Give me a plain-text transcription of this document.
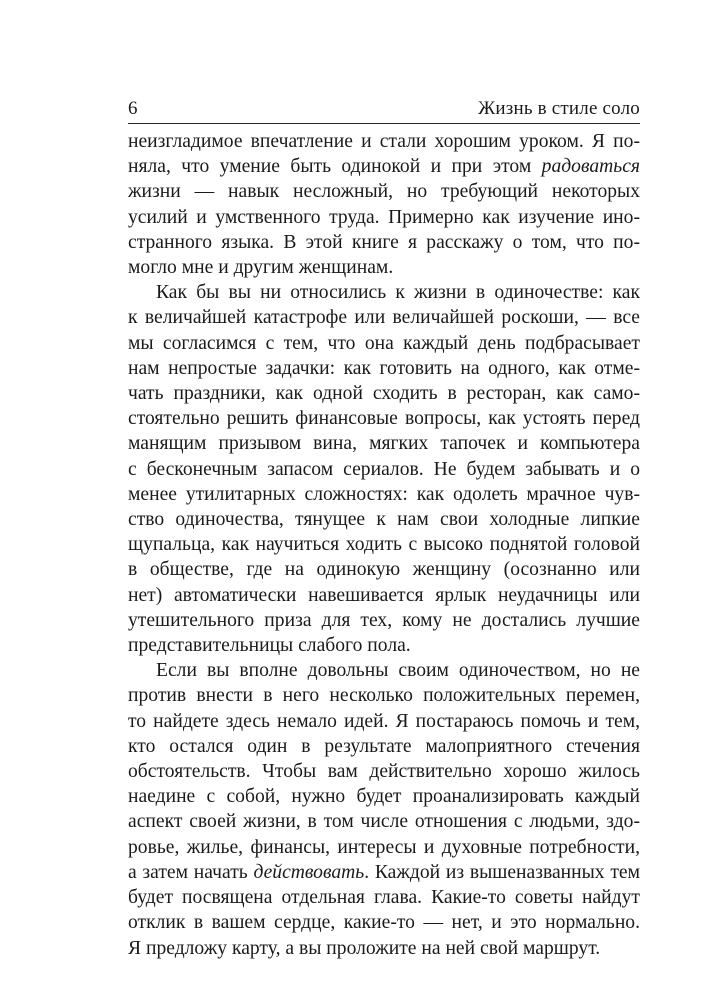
6	Жизнь в стиле соло
неизгладимое впечатление и стали хорошим уроком. Я по-
няла, что умение быть одинокой и при этом радоваться
жизни — навык несложный, но требующий некоторых
усилий и умственного труда. Примерно как изучение ино-
странного языка. В этой книге я расскажу о том, что по-
могло мне и другим женщинам.
Как бы вы ни относились к жизни в одиночестве: как
к величайшей катастрофе или величайшей роскоши, — все
мы согласимся с тем, что она каждый день подбрасывает
нам непростые задачки: как готовить на одного, как отме-
чать праздники, как одной сходить в ресторан, как само-
стоятельно решить финансовые вопросы, как устоять перед
манящим призывом вина, мягких тапочек и компьютера
с бесконечным запасом сериалов. Не будем забывать и о
менее утилитарных сложностях: как одолеть мрачное чув-
ство одиночества, тянущее к нам свои холодные липкие
щупальца, как научиться ходить с высоко поднятой головой
в обществе, где на одинокую женщину (осознанно или
нет) автоматически навешивается ярлык неудачницы или
утешительного приза для тех, кому не достались лучшие
представительницы слабого пола.
Если вы вполне довольны своим одиночеством, но не
против внести в него несколько положительных перемен,
то найдете здесь немало идей. Я постараюсь помочь и тем,
кто остался один в результате малоприятного стечения
обстоятельств. Чтобы вам действительно хорошо жилось
наедине с собой, нужно будет проанализировать каждый
аспект своей жизни, в том числе отношения с людьми, здо-
ровье, жилье, финансы, интересы и духовные потребности,
а затем начать действовать. Каждой из вышеназванных тем
будет посвящена отдельная глава. Какие-то советы найдут
отклик в вашем сердце, какие-то — нет, и это нормально.
Я предложу карту, а вы проложите на ней свой маршрут.
